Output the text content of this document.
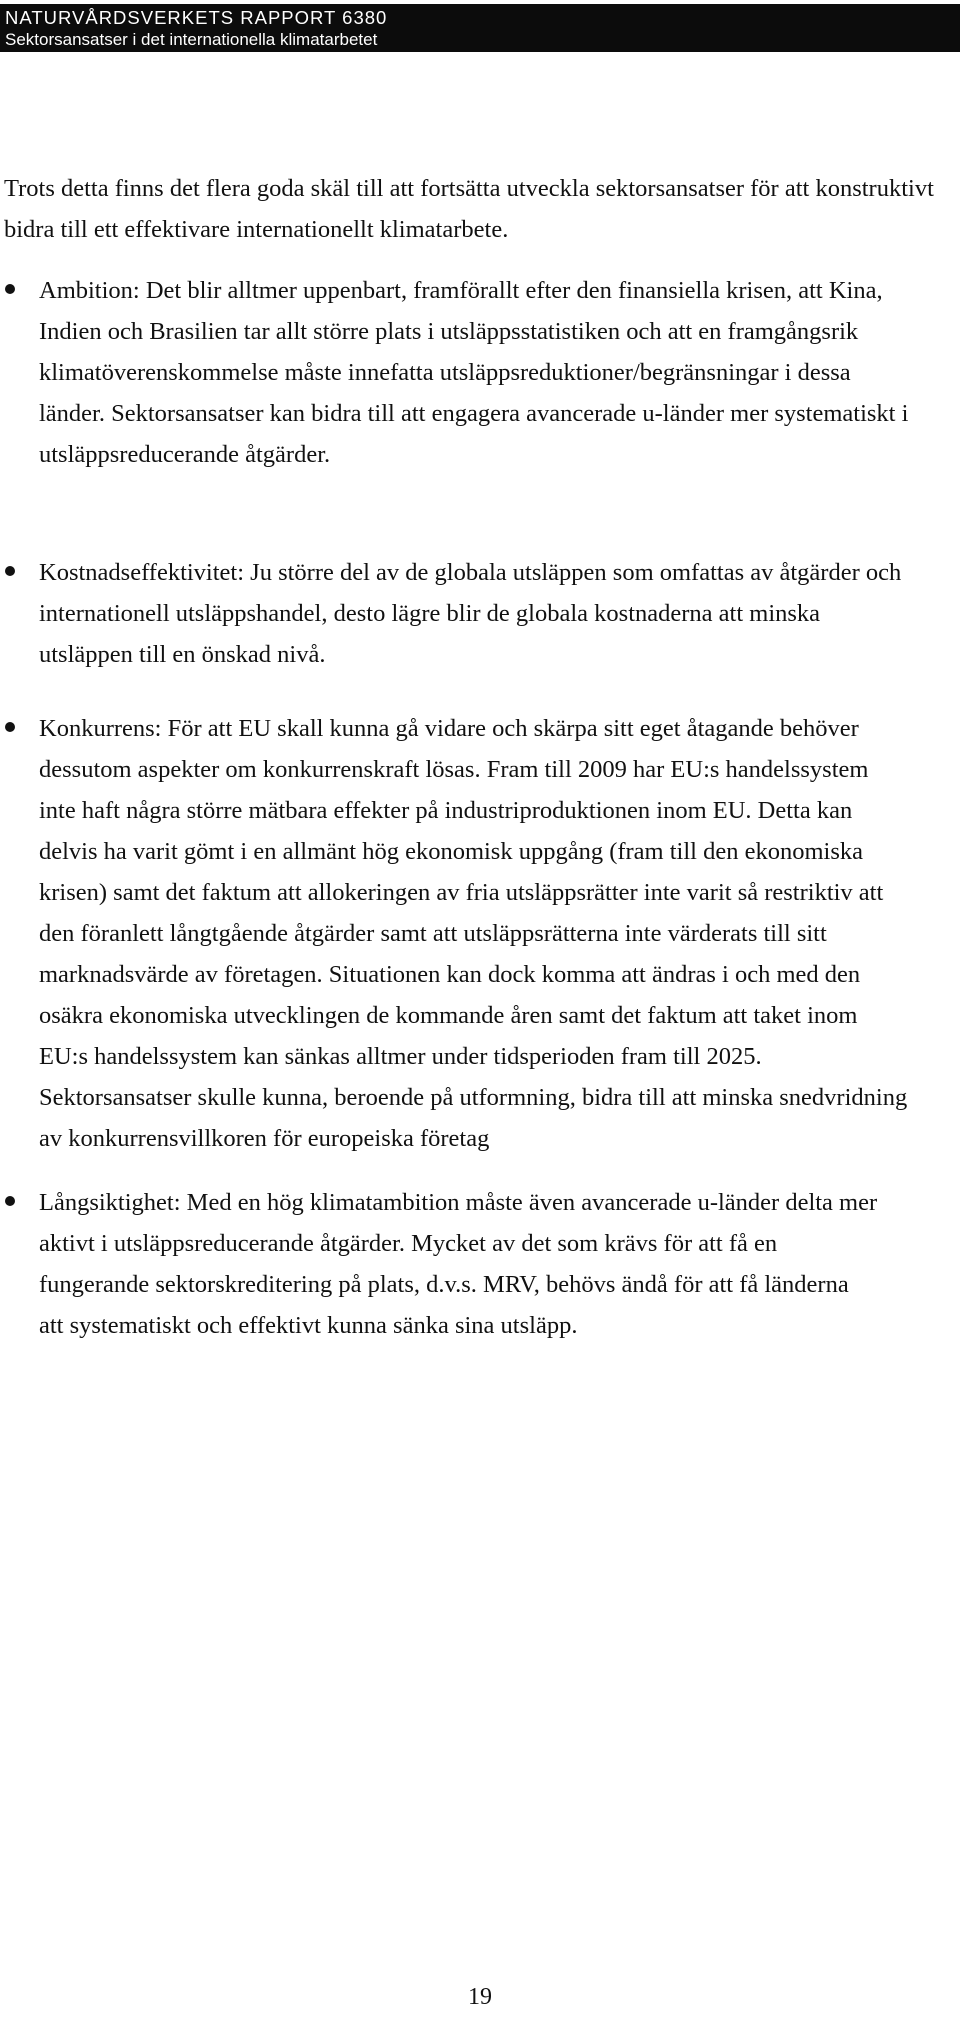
NATURVÅRDSVERKETS RAPPORT 6380
Sektorsansatser i det internationella klimatarbetet

Trots detta finns det flera goda skäl till att fortsätta utveckla sektorsansatser för att konstruktivt bidra till ett effektivare internationellt klimatarbete.

Ambition: Det blir alltmer uppenbart, framförallt efter den finansiella krisen, att Kina, Indien och Brasilien tar allt större plats i utsläppsstatistiken och att en framgångsrik klimatöverenskommelse måste innefatta utsläppsreduktioner/begränsningar i dessa länder. Sektorsansatser kan bidra till att engagera avancerade u-länder mer systematiskt i utsläppsreducerande åtgärder.

Kostnadseffektivitet: Ju större del av de globala utsläppen som omfattas av åtgärder och internationell utsläppshandel, desto lägre blir de globala kostnaderna att minska utsläppen till en önskad nivå.

Konkurrens: För att EU skall kunna gå vidare och skärpa sitt eget åtagande behöver dessutom aspekter om konkurrenskraft lösas. Fram till 2009 har EU:s handelssystem inte haft några större mätbara effekter på industriproduktionen inom EU. Detta kan delvis ha varit gömt i en allmänt hög ekonomisk uppgång (fram till den ekonomiska krisen) samt det faktum att allokeringen av fria utsläppsrätter inte varit så restriktiv att den föranlett långtgående åtgärder samt att utsläppsrätterna inte värderats till sitt marknadsvärde av företagen. Situationen kan dock komma att ändras i och med den osäkra ekonomiska utvecklingen de kommande åren samt det faktum att taket inom EU:s handelssystem kan sänkas alltmer under tidsperioden fram till 2025. Sektorsansatser skulle kunna, beroende på utformning, bidra till att minska snedvridning av konkurrensvillkoren för europeiska företag

Långsiktighet: Med en hög klimatambition måste även avancerade u-länder delta mer aktivt i utsläppsreducerande åtgärder. Mycket av det som krävs för att få en fungerande sektorskreditering på plats, d.v.s. MRV, behövs ändå för att få länderna att systematiskt och effektivt kunna sänka sina utsläpp.

19
